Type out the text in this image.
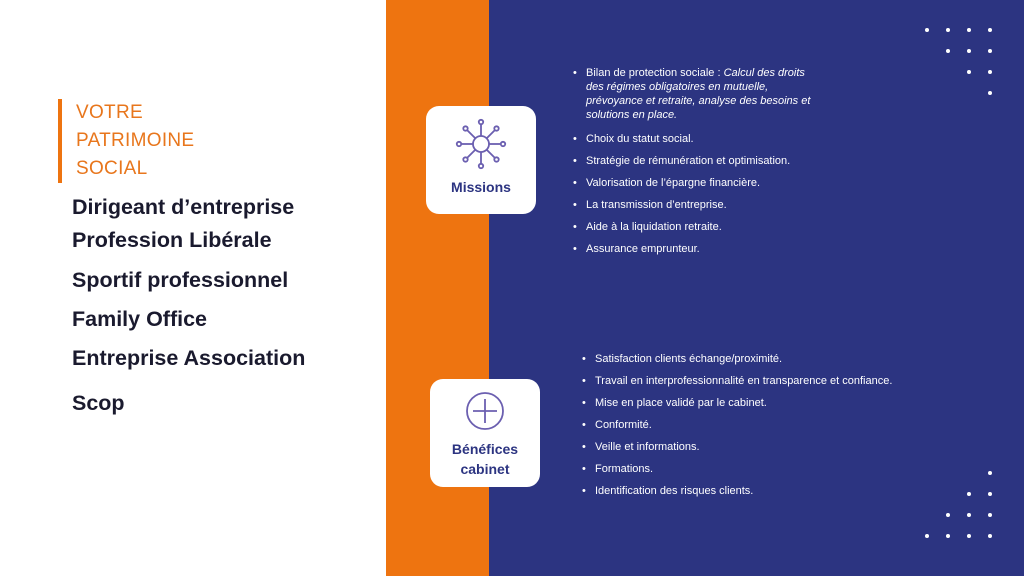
VOTRE
PATRIMOINE
SOCIAL
Dirigeant d’entreprise
Profession Libérale
Sportif professionnel
Family Office
Entreprise Association
Scop
Missions
Bénéfices
cabinet
• Bilan de protection sociale : Calcul des droits des régimes obligatoires en mutuelle, prévoyance et retraite, analyse des besoins et solutions en place.
• Choix du statut social.
• Stratégie de rémunération et optimisation.
• Valorisation de l’épargne financière.
• La transmission d’entreprise.
• Aide à la liquidation retraite.
• Assurance emprunteur.
• Satisfaction clients échange/proximité.
• Travail en interprofessionnalité en transparence et confiance.
• Mise en place validé par le cabinet.
• Conformité.
• Veille et informations.
• Formations.
• Identification des risques clients.
